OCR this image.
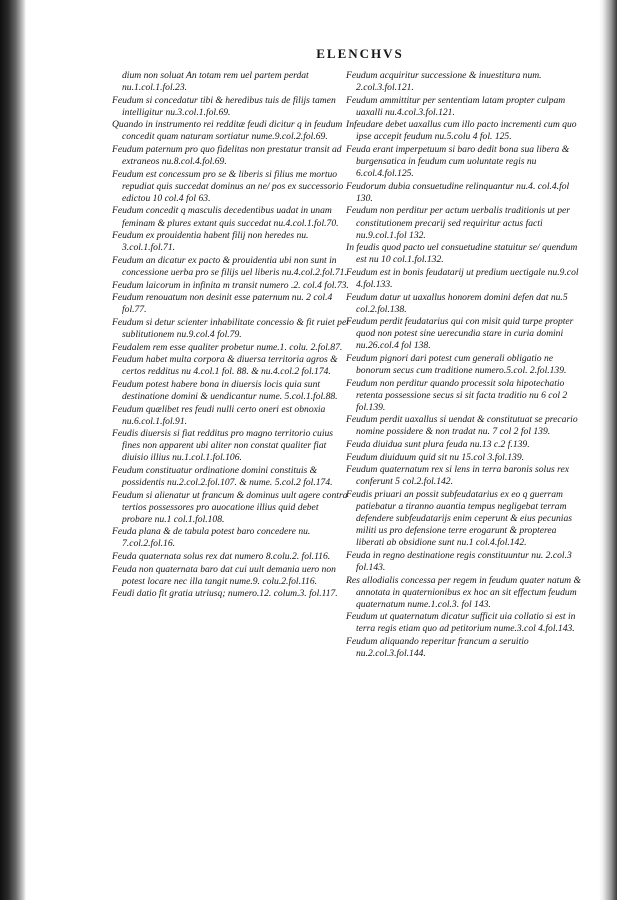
ELENCHVS

dium non soluat An totam rem uel partem perdat nu.1.col.1.fol.23.

Feudum si concedatur tibi & heredibus tuis de filijs tamen intelligitur nu.3.col.1.fol.69.

Quando in instrumento rei redditæ feudi dicitur q in feudum concedit quam naturam sortiatur nume.9.col.2.fol.69.

Feudum paternum pro quo fidelitas non prestatur transit ad extraneos nu.8.col.4.fol.69.

Feudum est concessum pro se & liberis si filius me mortuo repudiat quis succedat dominus an ne/ pos ex successorio edictou 10 col.4 fol 63.

Feudum concedit q masculis decedentibus uadat in unam feminam & plures extant quis succedat nu.4.col.1.fol.70.

Feudum ex prouidentia habent filij non heredes nu. 3.col.1.fol.71.

Feudum an dicatur ex pacto & prouidentia ubi non sunt in concessione uerba pro se filijs uel liberis nu.4.col.2.fol.71.

Feudum laicorum in infinita m transit numero .2. col.4 fol.73.

Feudum renouatum non desinit esse paternum nu. 2 col.4 fol.77.

Feudum si detur scienter inhabilitate concessio & fit ruiet per sublitutionem nu.9.col.4 fol.79.

Feudalem rem esse qualiter probetur nume.1. colu. 2.fol.87.

Feudum habet multa corpora & diuersa territoria agros & certos redditus nu 4.col.1 fol. 88. & nu.4.col.2 fol.174.

Feudum potest habere bona in diuersis locis quia sunt destinatione domini & uendicantur nume. 5.col.1.fol.88.

Feudum quælibet res feudi nulli certo oneri est obnoxia nu.6.col.1.fol.91.

Feudis diuersis si fiat redditus pro magno territorio cuius fines non apparent ubi aliter non constat qualiter fiat diuisio illius nu.1.col.1.fol.106.

Feudum constituatur ordinatione domini constituis & possidentis nu.2.col.2.fol.107. & nume. 5.col.2 fol.174.

Feudum si alienatur ut francum & dominus uult agere contra tertios possessores pro auocatione illius quid debet probare nu.1 col.1.fol.108.

Feuda plana & de tabula potest baro concedere nu. 7.col.2.fol.16.

Feuda quaternata solus rex dat numero 8.colu.2. fol.116.

Feuda non quaternata baro dat cui uult demania uero non potest locare nec illa tangit nume.9. colu.2.fol.116.

Feudi datio fit gratia utriusq; numero.12. colum.3. fol.117.

Feudum acquiritur successione & inuestitura num. 2.col.3.fol.121.

Feudum ammittitur per sententiam latam propter culpam uaxalli nu.4.col.3.fol.121.

Infeudare debet uaxallus cum illo pacto incrementi cum quo ipse accepit feudum nu.5.colu 4 fol. 125.

Feuda erant imperpetuum si baro dedit bona sua libera & burgensatica in feudum cum uoluntate regis nu 6.col.4.fol.125.

Feudorum dubia consuetudine relinquantur nu.4. col.4.fol 130.

Feudum non perditur per actum uerbalis traditionis ut per constitutionem precarij sed requiritur actus facti nu.9.col.1.fol 132.

In feudis quod pacto uel consuetudine statuitur se/ quendum est nu 10 col.1.fol.132.

Feudum est in bonis feudatarij ut predium uectigale nu.9.col 4.fol.133.

Feudum datur ut uaxallus honorem domini defen dat nu.5 col.2.fol.138.

Feudum perdit feudatarius qui con misit quid turpe propter quod non potest sine uerecundia stare in curia domini nu.26.col.4 fol 138.

Feudum pignori dari potest cum generali obligatio ne bonorum secus cum traditione numero.5.col. 2.fol.139.

Feudum non perditur quando processit sola hipotechatio retenta possessione secus si sit facta traditio nu 6 col 2 fol.139.

Feudum perdit uaxallus si uendat & constitutuat se precario nomine possidere & non tradat nu. 7 col 2 fol 139.

Feuda diuidua sunt plura feuda nu.13 c.2 f.139.

Feudum diuiduum quid sit nu 15.col 3.fol.139.

Feudum quaternatum rex si lens in terra baronis solus rex conferunt 5 col.2.fol.142.

Feudis priuari an possit subfeudatarius ex eo q guerram patiebatur a tiranno auantia tempus negligebat terram defendere subfeudatarijs enim ceperunt & eius pecunias militi us pro defensione terre erogarunt & propterea liberati ab obsidione sunt nu.1 col.4.fol.142.

Feuda in regno destinatione regis constituuntur nu. 2.col.3 fol.143.

Res allodialis concessa per regem in feudum quater natum & annotata in quaternionibus ex hoc an sit effectum feudum quaternatum nume.1.col.3. fol 143.

Feudum ut quaternatum dicatur sufficit uia collatio si est in terra regis etiam quo ad petitorium nume.3.col 4.fol.143.

Feudum aliquando reperitur francum a seruitio nu.2.col.3.fol.144.
